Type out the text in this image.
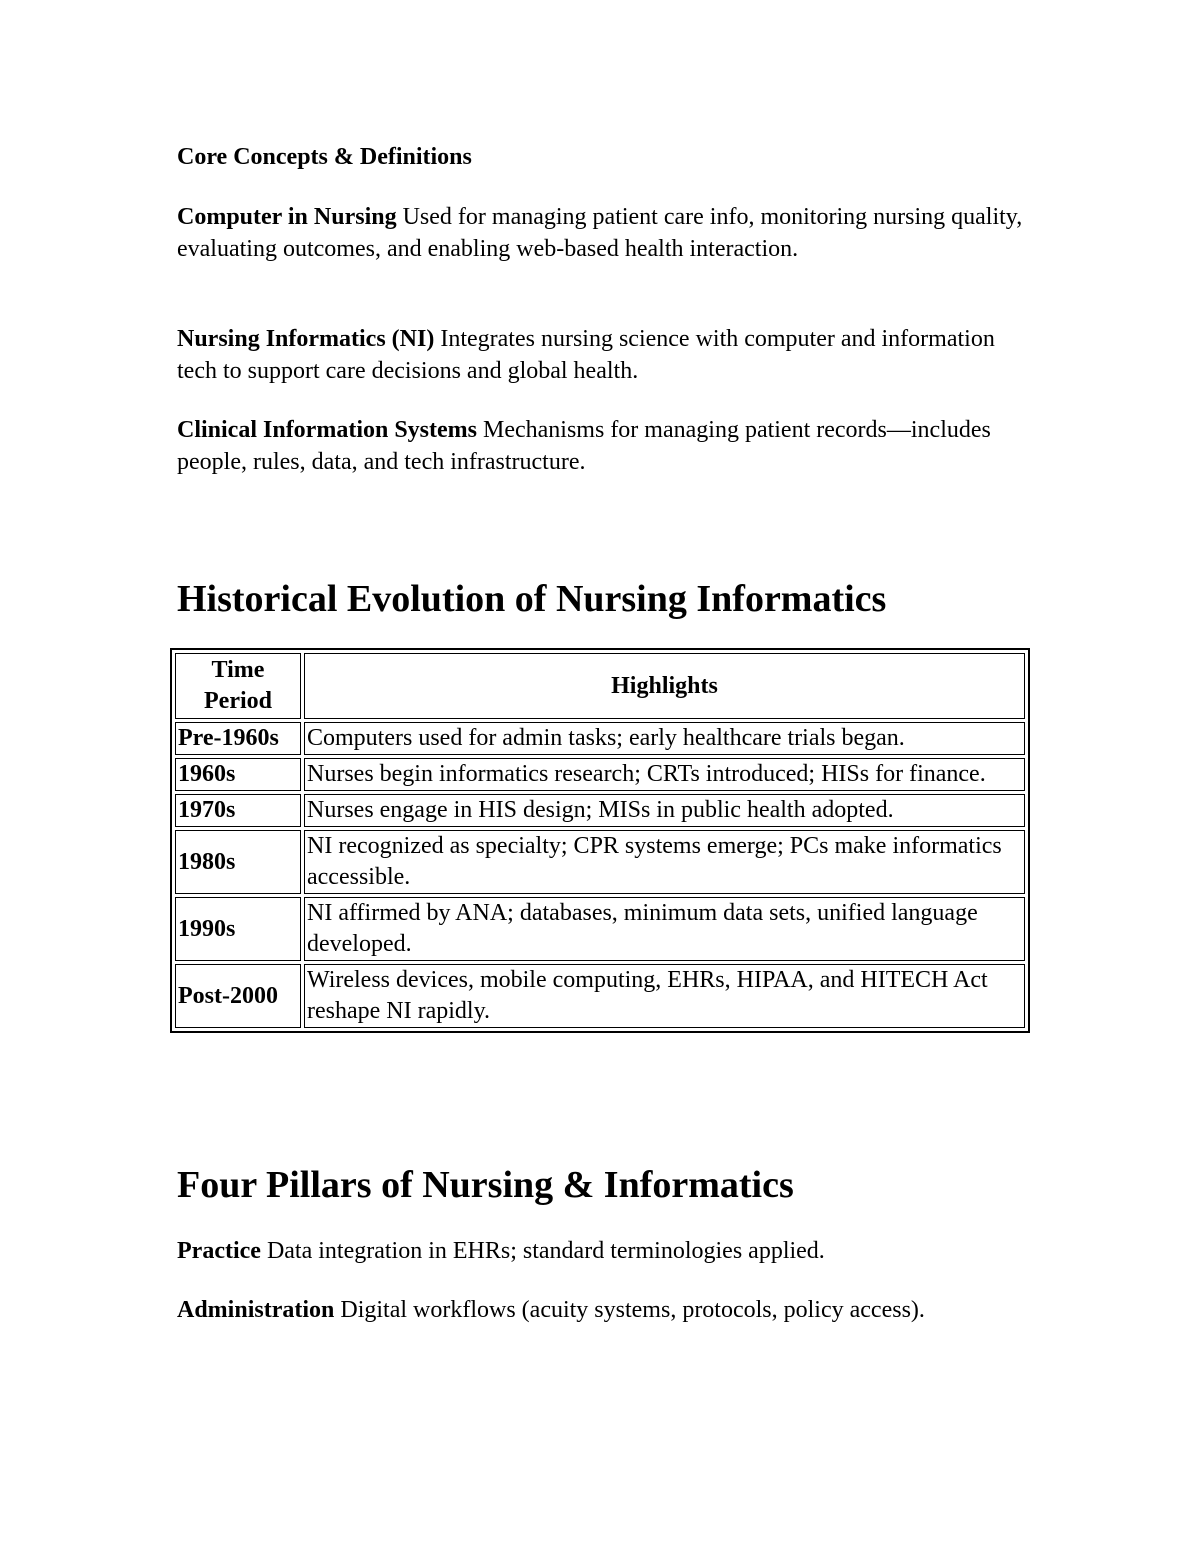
Core Concepts & Definitions

Computer in Nursing Used for managing patient care info, monitoring nursing quality, evaluating outcomes, and enabling web-based health interaction.

Nursing Informatics (NI) Integrates nursing science with computer and information tech to support care decisions and global health.

Clinical Information Systems Mechanisms for managing patient records—includes people, rules, data, and tech infrastructure.

Historical Evolution of Nursing Informatics
Time Period	Highlights
Pre-1960s	Computers used for admin tasks; early healthcare trials began.
1960s	Nurses begin informatics research; CRTs introduced; HISs for finance.
1970s	Nurses engage in HIS design; MISs in public health adopted.
1980s	NI recognized as specialty; CPR systems emerge; PCs make informatics accessible.
1990s	NI affirmed by ANA; databases, minimum data sets, unified language developed.
Post-2000	Wireless devices, mobile computing, EHRs, HIPAA, and HITECH Act reshape NI rapidly.
Four Pillars of Nursing & Informatics

Practice Data integration in EHRs; standard terminologies applied.

Administration Digital workflows (acuity systems, protocols, policy access).
